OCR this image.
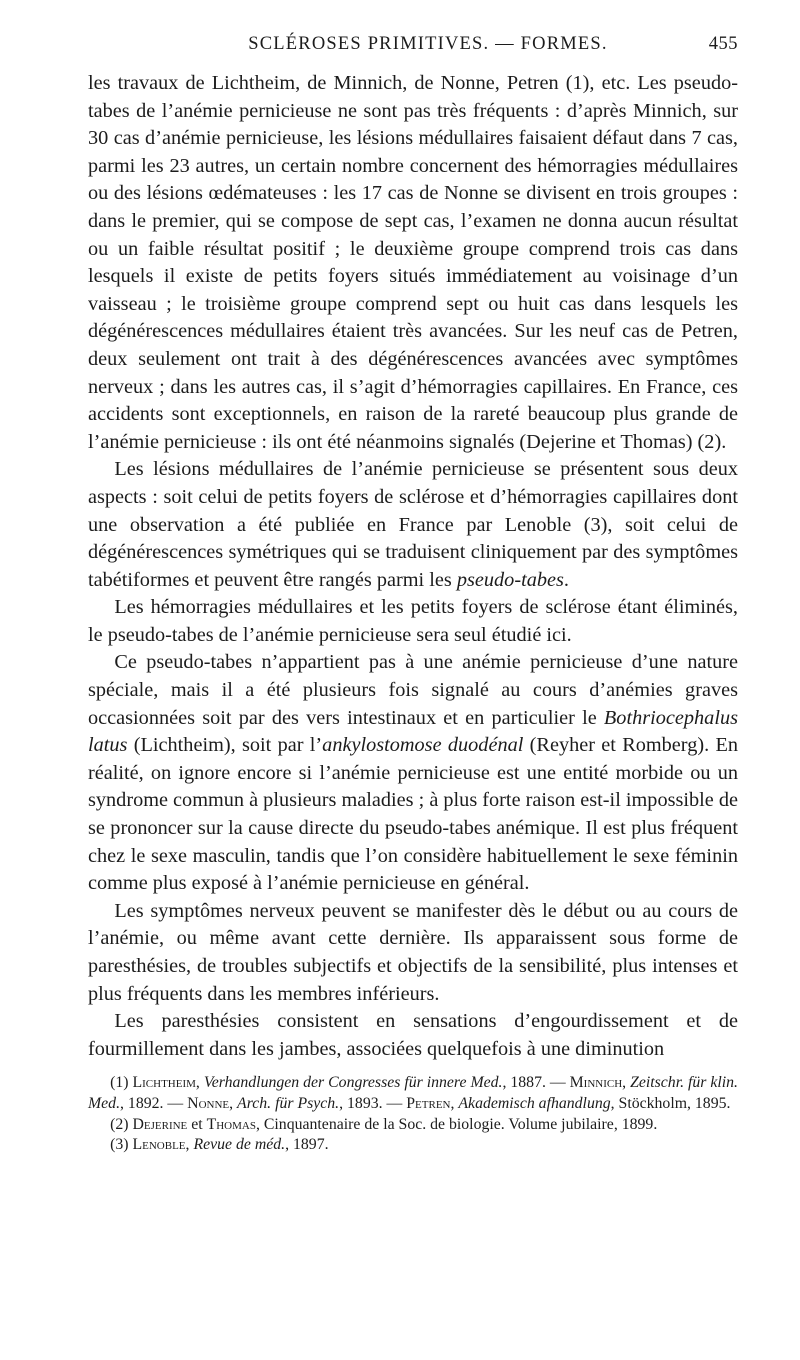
SCLÉROSES PRIMITIVES. — FORMES.	455

les travaux de Lichtheim, de Minnich, de Nonne, Petren (1), etc. Les pseudo-tabes de l’anémie pernicieuse ne sont pas très fréquents : d’après Minnich, sur 30 cas d’anémie pernicieuse, les lésions médullaires faisaient défaut dans 7 cas, parmi les 23 autres, un certain nombre concernent des hémorragies médullaires ou des lésions œdémateuses : les 17 cas de Nonne se divisent en trois groupes : dans le premier, qui se compose de sept cas, l’examen ne donna aucun résultat ou un faible résultat positif ; le deuxième groupe comprend trois cas dans lesquels il existe de petits foyers situés immédiatement au voisinage d’un vaisseau ; le troisième groupe comprend sept ou huit cas dans lesquels les dégénérescences médullaires étaient très avancées. Sur les neuf cas de Petren, deux seulement ont trait à des dégénérescences avancées avec symptômes nerveux ; dans les autres cas, il s’agit d’hémorragies capillaires. En France, ces accidents sont exceptionnels, en raison de la rareté beaucoup plus grande de l’anémie pernicieuse : ils ont été néanmoins signalés (Dejerine et Thomas) (2).

Les lésions médullaires de l’anémie pernicieuse se présentent sous deux aspects : soit celui de petits foyers de sclérose et d’hémorragies capillaires dont une observation a été publiée en France par Lenoble (3), soit celui de dégénérescences symétriques qui se traduisent cliniquement par des symptômes tabétiformes et peuvent être rangés parmi les pseudo-tabes.

Les hémorragies médullaires et les petits foyers de sclérose étant éliminés, le pseudo-tabes de l’anémie pernicieuse sera seul étudié ici.

Ce pseudo-tabes n’appartient pas à une anémie pernicieuse d’une nature spéciale, mais il a été plusieurs fois signalé au cours d’anémies graves occasionnées soit par des vers intestinaux et en particulier le Bothriocephalus latus (Lichtheim), soit par l’ankylostomose duodénal (Reyher et Romberg). En réalité, on ignore encore si l’anémie pernicieuse est une entité morbide ou un syndrome commun à plusieurs maladies ; à plus forte raison est-il impossible de se prononcer sur la cause directe du pseudo-tabes anémique. Il est plus fréquent chez le sexe masculin, tandis que l’on considère habituellement le sexe féminin comme plus exposé à l’anémie pernicieuse en général.

Les symptômes nerveux peuvent se manifester dès le début ou au cours de l’anémie, ou même avant cette dernière. Ils apparaissent sous forme de paresthésies, de troubles subjectifs et objectifs de la sensibilité, plus intenses et plus fréquents dans les membres inférieurs.

Les paresthésies consistent en sensations d’engourdissement et de fourmillement dans les jambes, associées quelquefois à une diminution

(1) Lichtheim, Verhandlungen der Congresses für innere Med., 1887. — Minnich, Zeitschr. für klin. Med., 1892. — Nonne, Arch. für Psych., 1893. — Petren, Akademisch afhandlung, Stöckholm, 1895.

(2) Dejerine et Thomas, Cinquantenaire de la Soc. de biologie. Volume jubilaire, 1899.

(3) Lenoble, Revue de méd., 1897.
